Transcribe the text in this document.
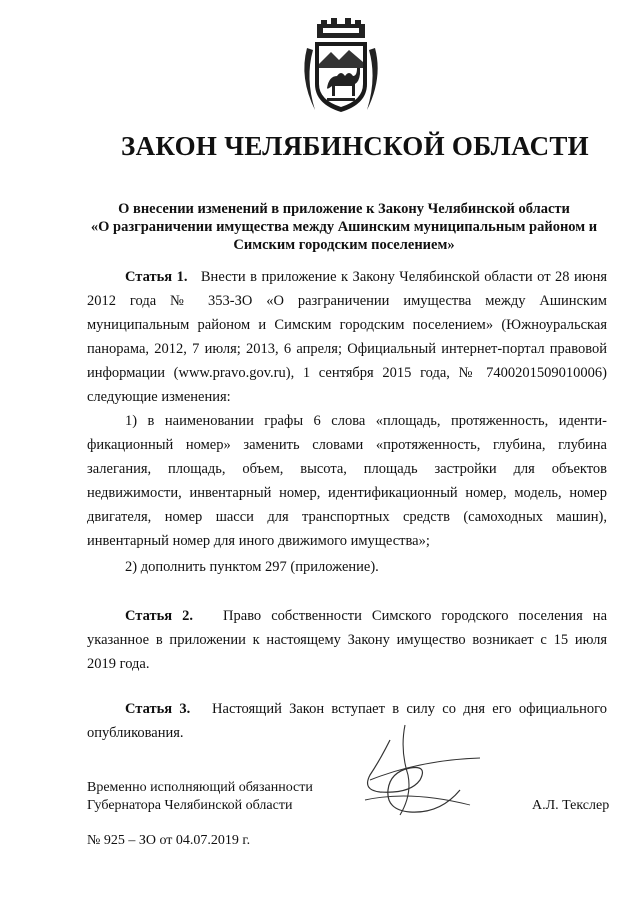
ЗАКОН ЧЕЛЯБИНСКОЙ ОБЛАСТИ
О внесении изменений в приложение к Закону Челябинской области
«О разграничении имущества между Ашинским муниципальным районом и
Симским городским поселением»

Статья 1. Внести в приложение к Закону Челябинской области от 28 июня 2012 года № 353-ЗО «О разграничении имущества между Ашинским муниципальным районом и Симским городским поселением» (Южноуральская панорама, 2012, 7 июля; 2013, 6 апреля; Официальный интернет-портал правовой информации (www.pravo.gov.ru), 1 сентября 2015 года, № 7400201509010006) следующие изменения:

1) в наименовании графы 6 слова «площадь, протяженность, идентификационный номер» заменить словами «протяженность, глубина, глубина залегания, площадь, объем, высота, площадь застройки для объектов недвижимости, инвентарный номер, идентификационный номер, модель, номер двигателя, номер шасси для транспортных средств (самоходных машин), инвентарный номер для иного движимого имущества»;

2) дополнить пунктом 297 (приложение).

Статья 2. Право собственности Симского городского поселения на указанное в приложении к настоящему Закону имущество возникает с 15 июля 2019 года.

Статья 3. Настоящий Закон вступает в силу со дня его официального опубликования.

Временно исполняющий обязанности
Губернатора Челябинской области	А.Л. Текслер
№ 925 – ЗО от 04.07.2019 г.
